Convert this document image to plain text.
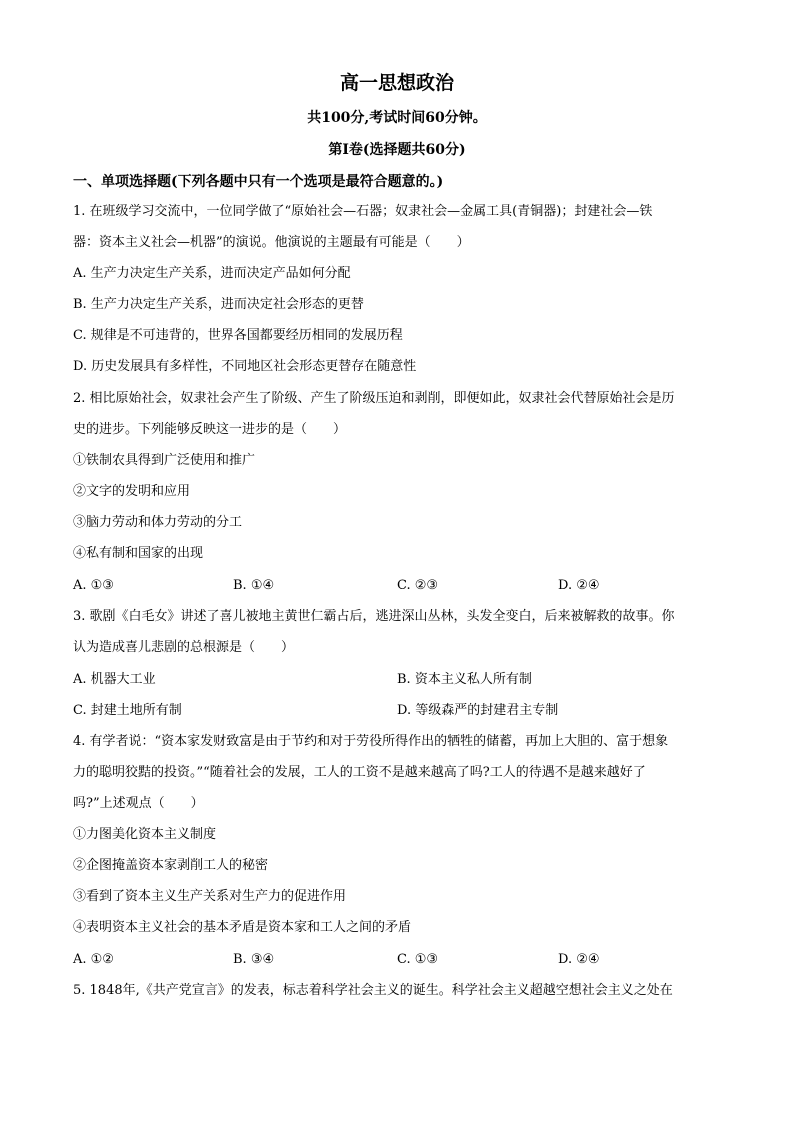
高一思想政治
共100分,考试时间60分钟。
第Ⅰ卷(选择题共60分)
一、单项选择题(下列各题中只有一个选项是最符合题意的。)
1. 在班级学习交流中，一位同学做了“原始社会—石器；奴隶社会—金属工具(青铜器)；封建社会—铁
器：资本主义社会—机器”的演说。他演说的主题最有可能是（　　）
A. 生产力决定生产关系，进而决定产品如何分配
B. 生产力决定生产关系，进而决定社会形态的更替
C. 规律是不可违背的，世界各国都要经历相同的发展历程
D. 历史发展具有多样性，不同地区社会形态更替存在随意性
2. 相比原始社会，奴隶社会产生了阶级、产生了阶级压迫和剥削，即便如此，奴隶社会代替原始社会是历
史的进步。下列能够反映这一进步的是（　　）
①铁制农具得到广泛使用和推广
②文字的发明和应用
③脑力劳动和体力劳动的分工
④私有制和国家的出现
A. ①③	B. ①④	C. ②③	D. ②④
3. 歌剧《白毛女》讲述了喜儿被地主黄世仁霸占后，逃进深山丛林，头发全变白，后来被解救的故事。你
认为造成喜儿悲剧的总根源是（　　）
A. 机器大工业	B. 资本主义私人所有制
C. 封建土地所有制	D. 等级森严的封建君主专制
4. 有学者说：“资本家发财致富是由于节约和对于劳役所得作出的牺牲的储蓄，再加上大胆的、富于想象
力的聪明狡黠的投资。”“随着社会的发展，工人的工资不是越来越高了吗?工人的待遇不是越来越好了
吗?”上述观点（　　）
①力图美化资本主义制度
②企图掩盖资本家剥削工人的秘密
③看到了资本主义生产关系对生产力的促进作用
④表明资本主义社会的基本矛盾是资本家和工人之间的矛盾
A. ①②	B. ③④	C. ①③	D. ②④
5. 1848年,《共产党宣言》的发表，标志着科学社会主义的诞生。科学社会主义超越空想社会主义之处在
